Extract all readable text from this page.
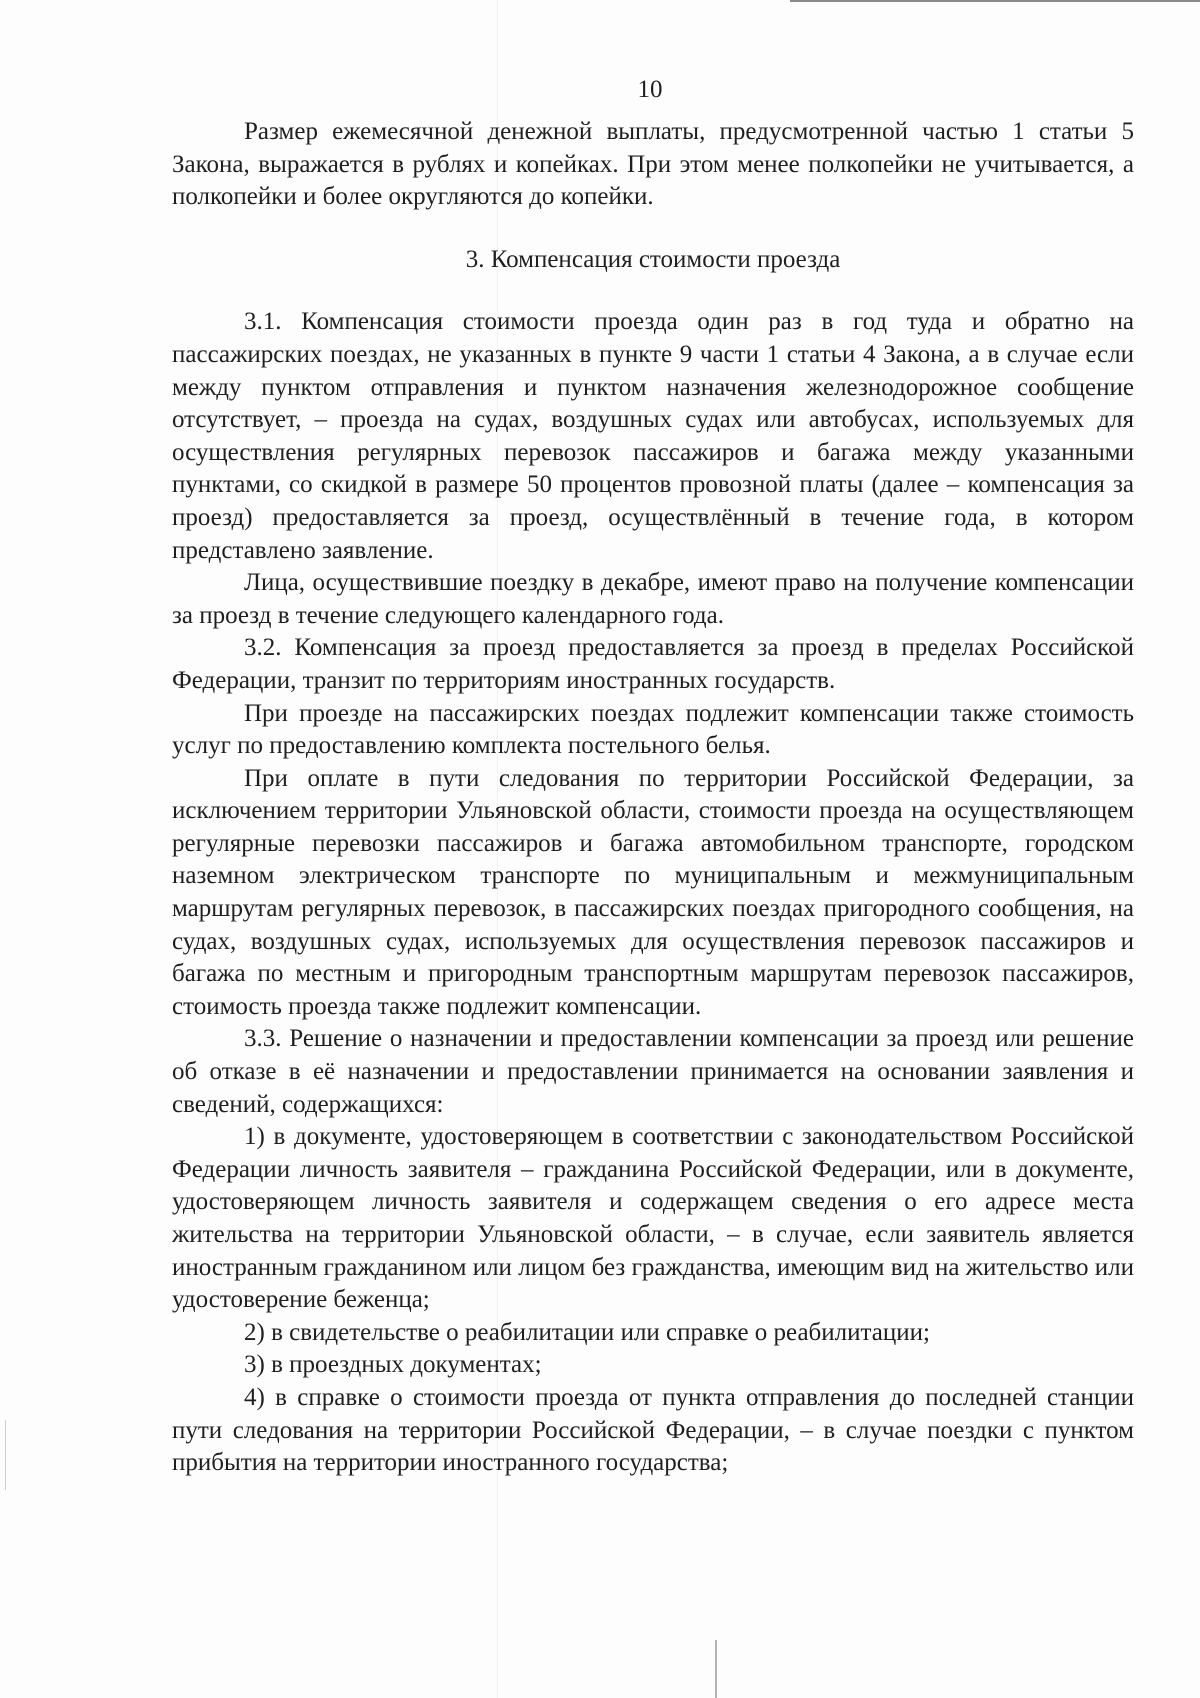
10

Размер ежемесячной денежной выплаты, предусмотренной частью 1 статьи 5 Закона, выражается в рублях и копейках. При этом менее полкопейки не учитывается, а полкопейки и более округляются до копейки.

3. Компенсация стоимости проезда

3.1. Компенсация стоимости проезда один раз в год туда и обратно на пассажирских поездах, не указанных в пункте 9 части 1 статьи 4 Закона, а в случае если между пунктом отправления и пунктом назначения железнодорожное сообщение отсутствует, – проезда на судах, воздушных судах или автобусах, используемых для осуществления регулярных перевозок пассажиров и багажа между указанными пунктами, со скидкой в размере 50 процентов провозной платы (далее – компенсация за проезд) предоставляется за проезд, осуществлённый в течение года, в котором представлено заявление.

Лица, осуществившие поездку в декабре, имеют право на получение компенсации за проезд в течение следующего календарного года.

3.2. Компенсация за проезд предоставляется за проезд в пределах Российской Федерации, транзит по территориям иностранных государств.

При проезде на пассажирских поездах подлежит компенсации также стоимость услуг по предоставлению комплекта постельного белья.

При оплате в пути следования по территории Российской Федерации, за исключением территории Ульяновской области, стоимости проезда на осуществляющем регулярные перевозки пассажиров и багажа автомобильном транспорте, городском наземном электрическом транспорте по муниципальным и межмуниципальным маршрутам регулярных перевозок, в пассажирских поездах пригородного сообщения, на судах, воздушных судах, используемых для осуществления перевозок пассажиров и багажа по местным и пригородным транспортным маршрутам перевозок пассажиров, стоимость проезда также подлежит компенсации.

3.3. Решение о назначении и предоставлении компенсации за проезд или решение об отказе в её назначении и предоставлении принимается на основании заявления и сведений, содержащихся:

1) в документе, удостоверяющем в соответствии с законодательством Российской Федерации личность заявителя – гражданина Российской Федерации, или в документе, удостоверяющем личность заявителя и содержащем сведения о его адресе места жительства на территории Ульяновской области, – в случае, если заявитель является иностранным гражданином или лицом без гражданства, имеющим вид на жительство или удостоверение беженца;

2) в свидетельстве о реабилитации или справке о реабилитации;

3) в проездных документах;

4) в справке о стоимости проезда от пункта отправления до последней станции пути следования на территории Российской Федерации, – в случае поездки с пунктом прибытия на территории иностранного государства;
